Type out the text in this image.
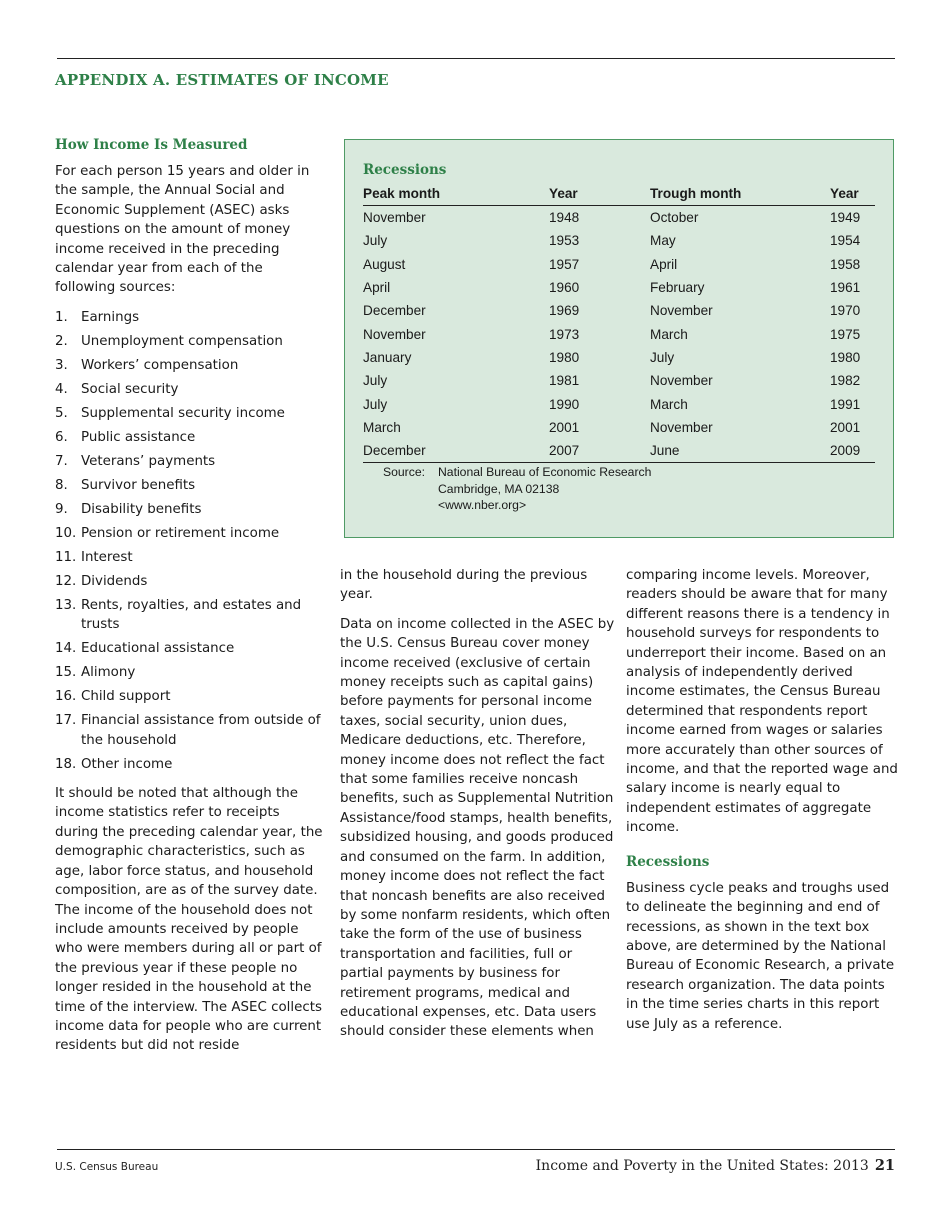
APPENDIX A. ESTIMATES OF INCOME
How Income Is Measured

For each person 15 years and older in the sample, the Annual Social and Economic Supplement (ASEC) asks questions on the amount of money income received in the preceding calendar year from each of the following sources:

1. Earnings
2. Unemployment compensation
3. Workers’ compensation
4. Social security
5. Supplemental security income
6. Public assistance
7. Veterans’ payments
8. Survivor benefits
9. Disability benefits
10. Pension or retirement income
11. Interest
12. Dividends
13. Rents, royalties, and estates and trusts
14. Educational assistance
15. Alimony
16. Child support
17. Financial assistance from outside of the household
18. Other income

It should be noted that although the income statistics refer to receipts during the preceding calendar year, the demographic characteristics, such as age, labor force status, and household composition, are as of the survey date. The income of the household does not include amounts received by people who were members during all or part of the previous year if these people no longer resided in the household at the time of the interview. The ASEC collects income data for people who are current residents but did not reside

Recessions
Peak month	Year	Trough month	Year
November	1948	October	1949
July	1953	May	1954
August	1957	April	1958
April	1960	February	1961
December	1969	November	1970
November	1973	March	1975
January	1980	July	1980
July	1981	November	1982
July	1990	March	1991
March	2001	November	2001
December	2007	June	2009
Source: National Bureau of Economic Research
Cambridge, MA 02138
<www.nber.org>

in the household during the previous year.

Data on income collected in the ASEC by the U.S. Census Bureau cover money income received (exclusive of certain money receipts such as capital gains) before payments for personal income taxes, social security, union dues, Medicare deductions, etc. Therefore, money income does not reflect the fact that some families receive noncash benefits, such as Supplemental Nutrition Assistance/food stamps, health benefits, subsidized housing, and goods produced and consumed on the farm. In addition, money income does not reflect the fact that noncash benefits are also received by some nonfarm residents, which often take the form of the use of business transportation and facilities, full or partial payments by business for retirement programs, medical and educational expenses, etc. Data users should consider these elements when

comparing income levels. Moreover, readers should be aware that for many different reasons there is a tendency in household surveys for respondents to underreport their income. Based on an analysis of independently derived income estimates, the Census Bureau determined that respondents report income earned from wages or salaries more accurately than other sources of income, and that the reported wage and salary income is nearly equal to independent estimates of aggregate income.

Recessions

Business cycle peaks and troughs used to delineate the beginning and end of recessions, as shown in the text box above, are determined by the National Bureau of Economic Research, a private research organization. The data points in the time series charts in this report use July as a reference.

U.S. Census Bureau	Income and Poverty in the United States: 2013 21
